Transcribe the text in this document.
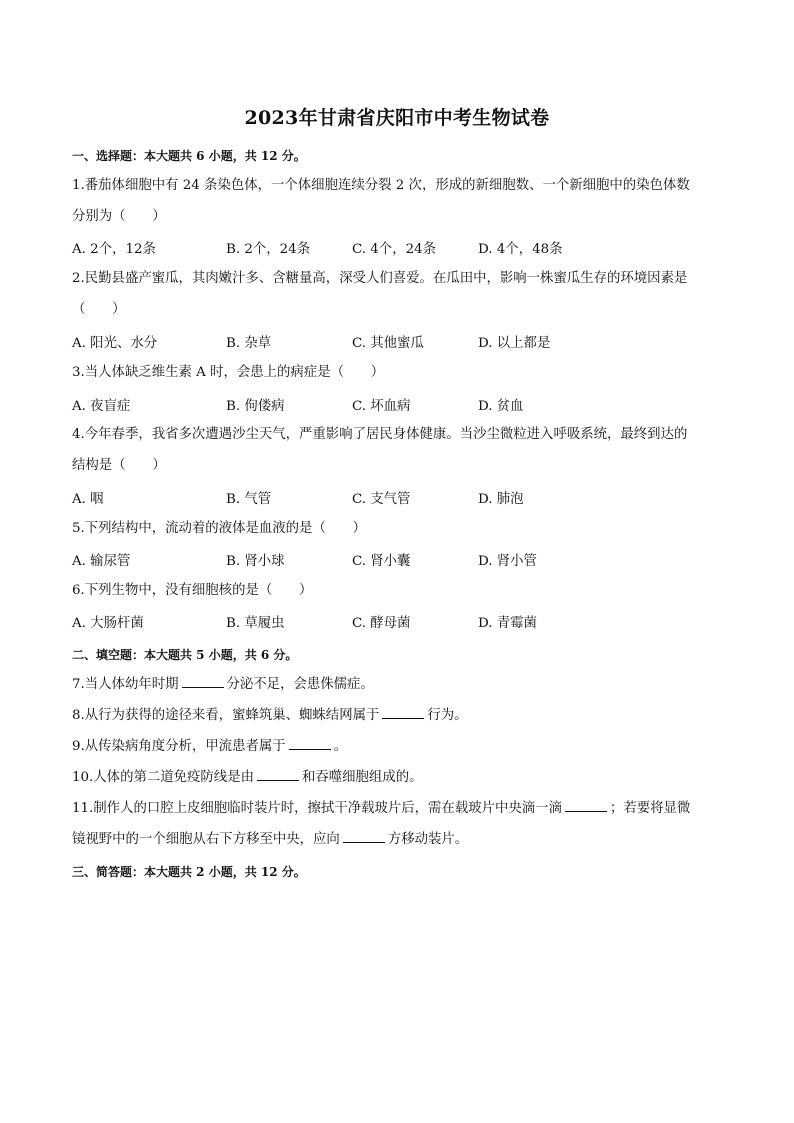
2023年甘肃省庆阳市中考生物试卷
一、选择题：本大题共 6 小题，共 12 分。
1.番茄体细胞中有 24 条染色体，一个体细胞连续分裂 2 次，形成的新细胞数、一个新细胞中的染色体数
分别为（　　）
A. 2个，12条	B. 2个，24条	C. 4个，24条	D. 4个，48条
2.民勤县盛产蜜瓜，其肉嫩汁多、含糖量高，深受人们喜爱。在瓜田中，影响一株蜜瓜生存的环境因素是
（　　）
A. 阳光、水分	B. 杂草	C. 其他蜜瓜	D. 以上都是
3.当人体缺乏维生素 A 时，会患上的病症是（　　）
A. 夜盲症	B. 佝偻病	C. 坏血病	D. 贫血
4.今年春季，我省多次遭遇沙尘天气，严重影响了居民身体健康。当沙尘微粒进入呼吸系统，最终到达的
结构是（　　）
A. 咽	B. 气管	C. 支气管	D. 肺泡
5.下列结构中，流动着的液体是血液的是（　　）
A. 输尿管	B. 肾小球	C. 肾小囊	D. 肾小管
6.下列生物中，没有细胞核的是（　　）
A. 大肠杆菌	B. 草履虫	C. 酵母菌	D. 青霉菌
二、填空题：本大题共 5 小题，共 6 分。
7.当人体幼年时期	分泌不足，会患侏儒症。
8.从行为获得的途径来看，蜜蜂筑巢、蜘蛛结网属于	行为。
9.从传染病角度分析，甲流患者属于	。
10.人体的第二道免疫防线是由	和吞噬细胞组成的。
11.制作人的口腔上皮细胞临时装片时，擦拭干净载玻片后，需在载玻片中央滴一滴	；若要将显微
镜视野中的一个细胞从右下方移至中央，应向	方移动装片。
三、简答题：本大题共 2 小题，共 12 分。
